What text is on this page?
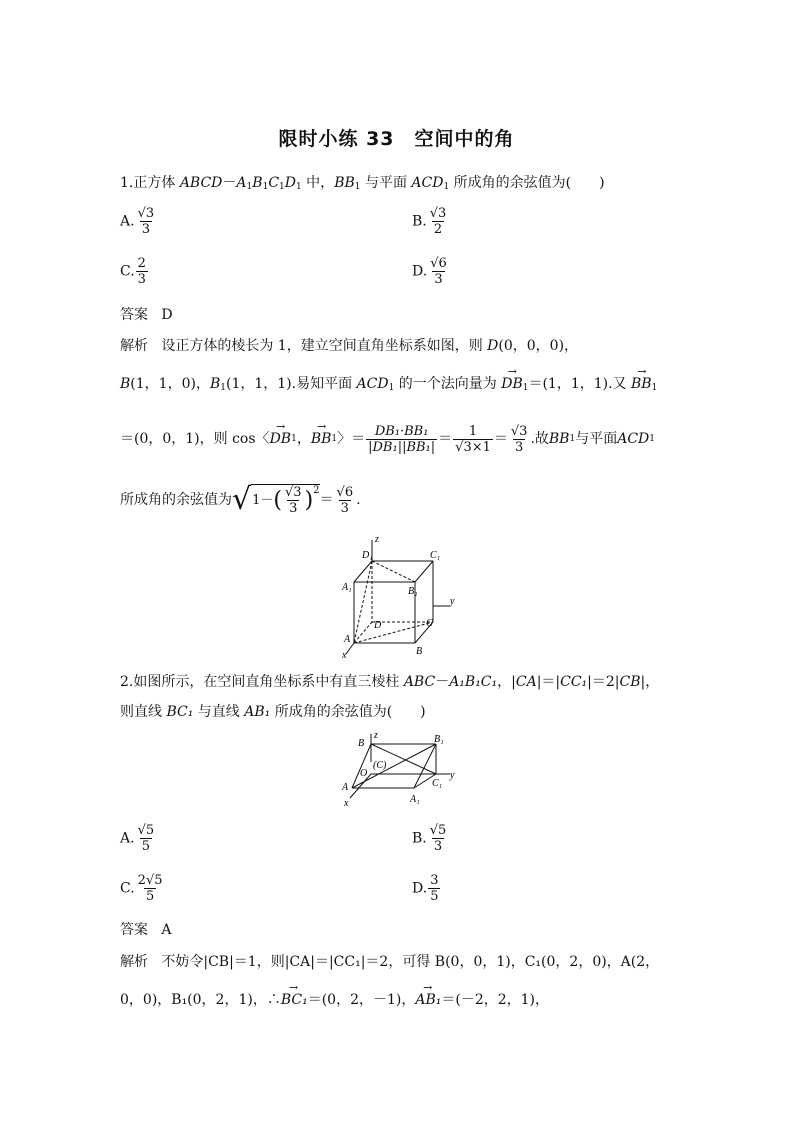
限时小练 33　空间中的角
1.正方体 $ABCD-A_1B_1C_1D_1$ 中，$BB_1$ 与平面 $ACD_1$ 所成角的余弦值为(　　)
A. $\frac{√3}{3}$	B. $\frac{√3}{2}$
C. $\frac{2}{3}$	D. $\frac{√6}{3}$
答案 D
解析 设正方体的棱长为 1，建立空间直角坐标系如图，则 D(0，0，0)，
B(1，1，0)，$B_1(1$，1，1).易知平面 $ACD_1$ 的一个法向量为 → $DB_1=(1$，1，1).又 → $BB_1$
＝(0，0，1)，则 cos〈 → DB 1 ， → BB 1 〉＝ $\frac{\text{DB₁·BB₁}}{\text{|DB₁||BB₁|}} = \frac{1}{√3\times 1} = \frac{√3}{3}$ .故 BB 1 与平面 ACD 1
所成角的余弦值为 √ 1－ ( $\frac{√3}{3}$ ) 2
＝ $\frac{√6}{3}$ .
D₁	C₁
A₁	B₁
D	C
A
B
x
y
z
2.如图所示，在空间直角坐标系中有直三棱柱 ABC－A₁B₁C₁，|CA|＝|CC₁|＝2|CB|，
则直线 BC₁ 与直线 AB₁ 所成角的余弦值为(　　)
B
z	B₁
(C)
O
A	C₁
y
A₁
x
A. $\frac{√5}{5}$	B. $\frac{√5}{3}$
C. $\frac{2√5}{5}$	D. $\frac{3}{5}$
答案 A
解析 不妨令|CB|＝1，则|CA|＝|CC₁|＝2，可得 B(0，0，1)，C₁(0，2，0)，A(2，
0，0)，B₁(0，2，1)，∴→ BC₁＝(0，2，－1)，→ AB₁＝(－2，2，1)，
